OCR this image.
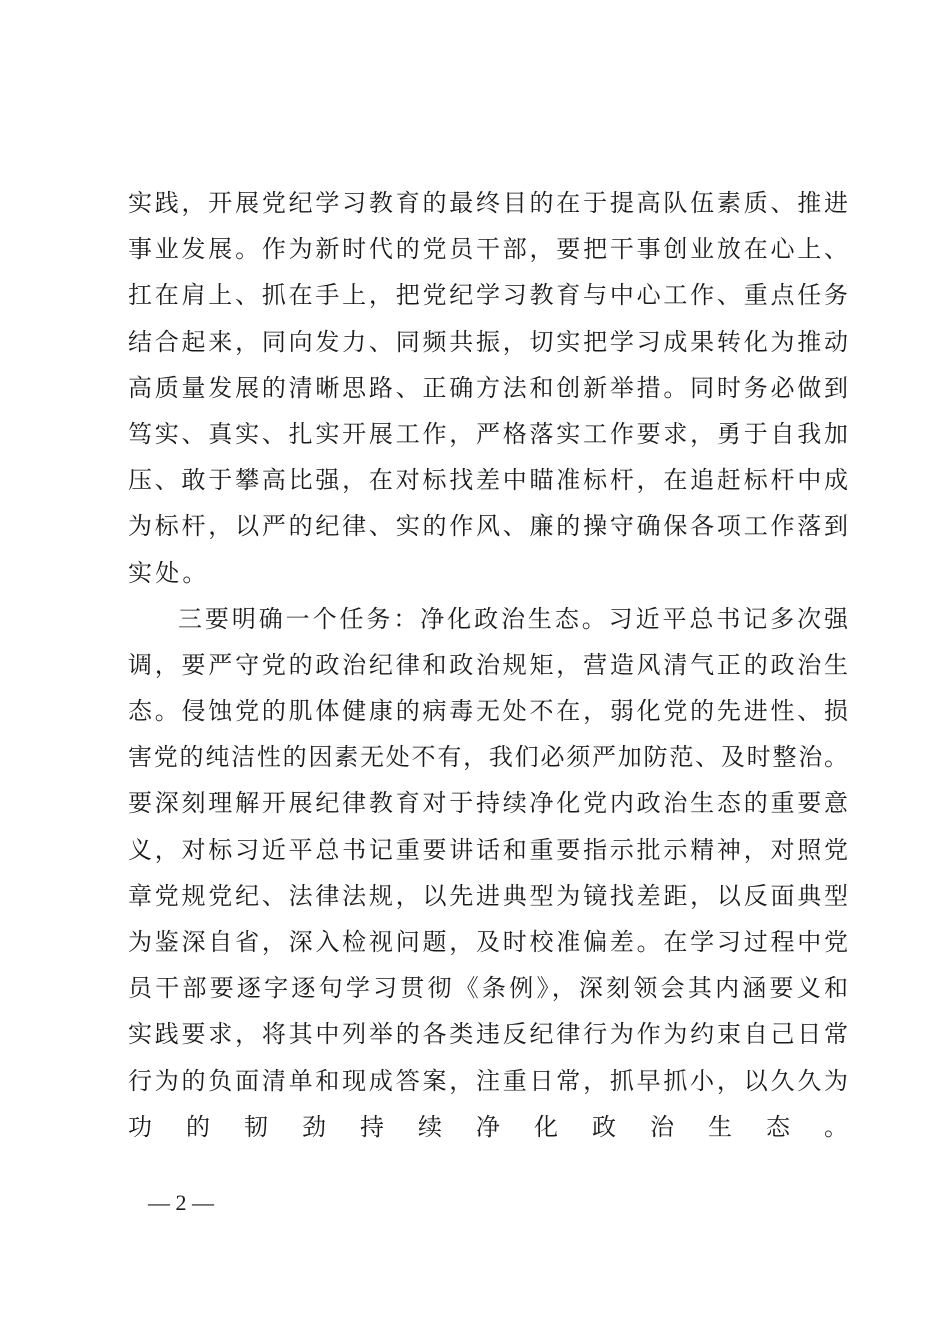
实践，开展党纪学习教育的最终目的在于提高队伍素质、推进
事业发展。作为新时代的党员干部，要把干事创业放在心上、
扛在肩上、抓在手上，把党纪学习教育与中心工作、重点任务
结合起来，同向发力、同频共振，切实把学习成果转化为推动
高质量发展的清晰思路、正确方法和创新举措。同时务必做到
笃实、真实、扎实开展工作，严格落实工作要求，勇于自我加
压、敢于攀高比强，在对标找差中瞄准标杆，在追赶标杆中成
为标杆，以严的纪律、实的作风、廉的操守确保各项工作落到
实处。
三要明确一个任务：净化政治生态。习近平总书记多次强
调，要严守党的政治纪律和政治规矩，营造风清气正的政治生
态。侵蚀党的肌体健康的病毒无处不在，弱化党的先进性、损
害党的纯洁性的因素无处不有，我们必须严加防范、及时整治。
要深刻理解开展纪律教育对于持续净化党内政治生态的重要意
义，对标习近平总书记重要讲话和重要指示批示精神，对照党
章党规党纪、法律法规，以先进典型为镜找差距，以反面典型
为鉴深自省，深入检视问题，及时校准偏差。在学习过程中党
员干部要逐字逐句学习贯彻《条例》，深刻领会其内涵要义和
实践要求，将其中列举的各类违反纪律行为作为约束自己日常
行为的负面清单和现成答案，注重日常，抓早抓小，以久久为
功的韧劲持续净化政治生态。
— 2 —
